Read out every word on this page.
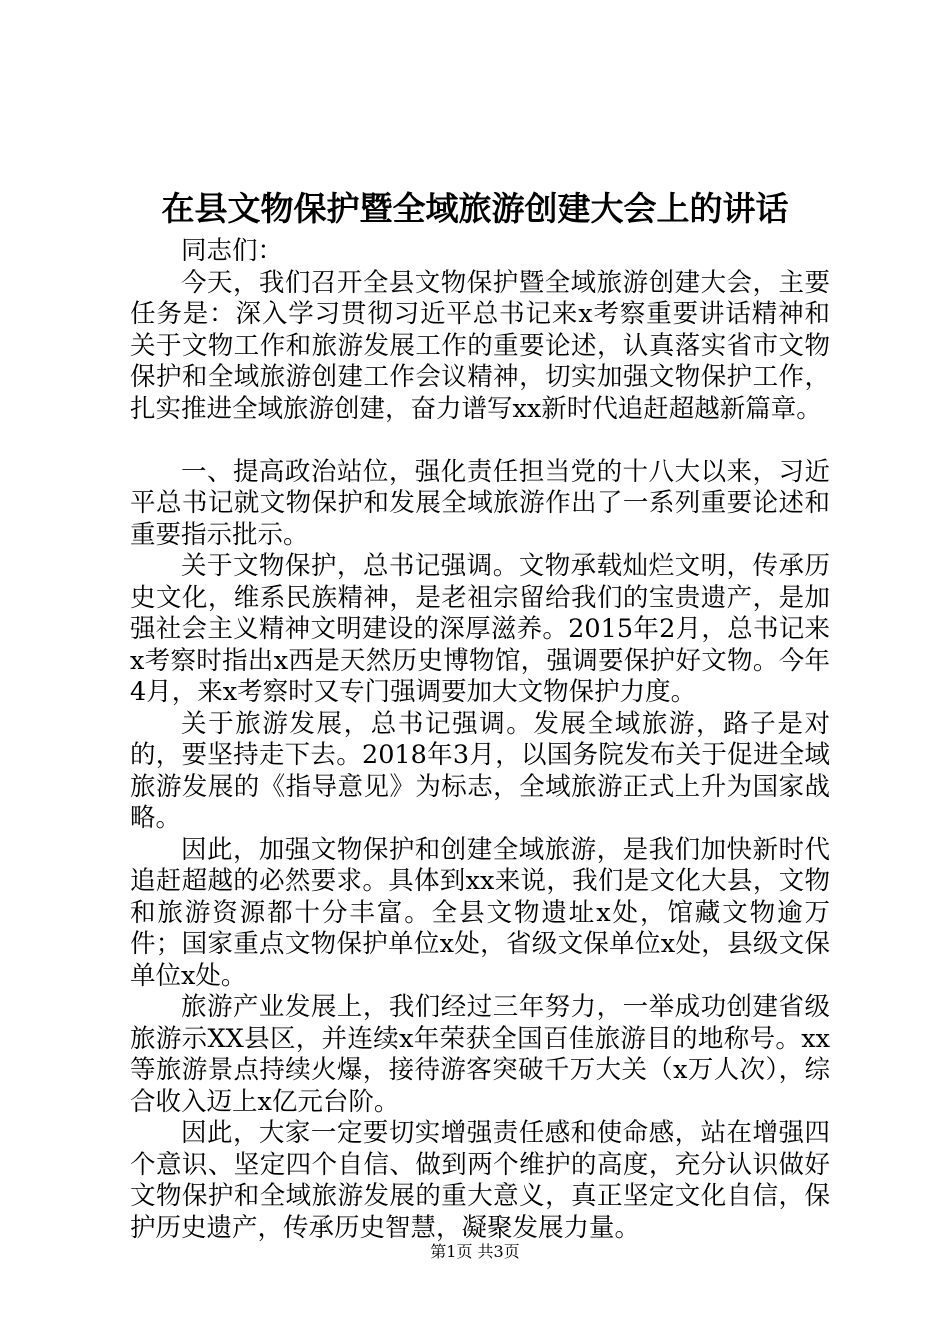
在县文物保护暨全域旅游创建大会上的讲话

同志们：

今天，我们召开全县文物保护暨全域旅游创建大会，主要任务是：深入学习贯彻习近平总书记来x考察重要讲话精神和关于文物工作和旅游发展工作的重要论述，认真落实省市文物保护和全域旅游创建工作会议精神，切实加强文物保护工作，扎实推进全域旅游创建，奋力谱写xx新时代追赶超越新篇章。

一、提高政治站位，强化责任担当党的十八大以来，习近平总书记就文物保护和发展全域旅游作出了一系列重要论述和重要指示批示。

关于文物保护，总书记强调。文物承载灿烂文明，传承历史文化，维系民族精神，是老祖宗留给我们的宝贵遗产，是加强社会主义精神文明建设的深厚滋养。2015年2月，总书记来x考察时指出x西是天然历史博物馆，强调要保护好文物。今年4月，来x考察时又专门强调要加大文物保护力度。

关于旅游发展，总书记强调。发展全域旅游，路子是对的，要坚持走下去。2018年3月，以国务院发布关于促进全域旅游发展的《指导意见》为标志，全域旅游正式上升为国家战略。

因此，加强文物保护和创建全域旅游，是我们加快新时代追赶超越的必然要求。具体到xx来说，我们是文化大县，文物和旅游资源都十分丰富。全县文物遗址x处，馆藏文物逾万件；国家重点文物保护单位x处，省级文保单位x处，县级文保单位x处。

旅游产业发展上，我们经过三年努力，一举成功创建省级旅游示XX县区，并连续x年荣获全国百佳旅游目的地称号。xx等旅游景点持续火爆，接待游客突破千万大关（x万人次），综合收入迈上x亿元台阶。

因此，大家一定要切实增强责任感和使命感，站在增强四个意识、坚定四个自信、做到两个维护的高度，充分认识做好文物保护和全域旅游发展的重大意义，真正坚定文化自信，保护历史遗产，传承历史智慧，凝聚发展力量。

第1页 共3页
